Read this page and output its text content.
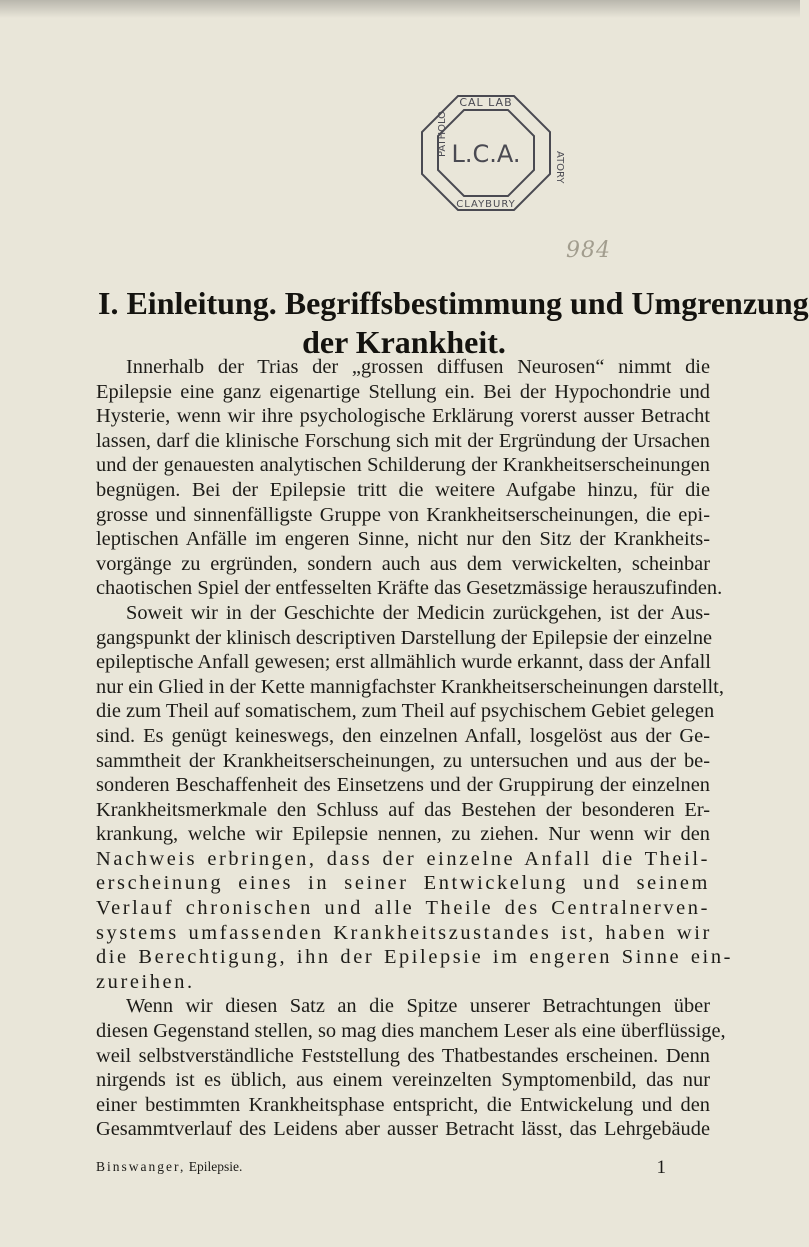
L.C.A.
CAL LAB
CLAYBURY
PATHOLO
ATORY
984
I. Einleitung. Begriffsbestimmung und Umgrenzung
der Krankheit.
Innerhalb der Trias der „grossen diffusen Neurosen“ nimmt die
Epilepsie eine ganz eigenartige Stellung ein. Bei der Hypochondrie und
Hysterie, wenn wir ihre psychologische Erklärung vorerst ausser Betracht
lassen, darf die klinische Forschung sich mit der Ergründung der Ursachen
und der genauesten analytischen Schilderung der Krankheitserscheinungen
begnügen. Bei der Epilepsie tritt die weitere Aufgabe hinzu, für die
grosse und sinnenfälligste Gruppe von Krankheitserscheinungen, die epi-
leptischen Anfälle im engeren Sinne, nicht nur den Sitz der Krankheits-
vorgänge zu ergründen, sondern auch aus dem verwickelten, scheinbar
chaotischen Spiel der entfesselten Kräfte das Gesetzmässige herauszufinden.
Soweit wir in der Geschichte der Medicin zurückgehen, ist der Aus-
gangspunkt der klinisch descriptiven Darstellung der Epilepsie der einzelne
epileptische Anfall gewesen; erst allmählich wurde erkannt, dass der Anfall
nur ein Glied in der Kette mannigfachster Krankheitserscheinungen darstellt,
die zum Theil auf somatischem, zum Theil auf psychischem Gebiet gelegen
sind. Es genügt keineswegs, den einzelnen Anfall, losgelöst aus der Ge-
sammtheit der Krankheitserscheinungen, zu untersuchen und aus der be-
sonderen Beschaffenheit des Einsetzens und der Gruppirung der einzelnen
Krankheitsmerkmale den Schluss auf das Bestehen der besonderen Er-
krankung, welche wir Epilepsie nennen, zu ziehen. Nur wenn wir den
Nachweis erbringen, dass der einzelne Anfall die Theil-
erscheinung eines in seiner Entwickelung und seinem
Verlauf chronischen und alle Theile des Centralnerven-
systems umfassenden Krankheitszustandes ist, haben wir
die Berechtigung, ihn der Epilepsie im engeren Sinne ein-
zureihen.
Wenn wir diesen Satz an die Spitze unserer Betrachtungen über
diesen Gegenstand stellen, so mag dies manchem Leser als eine überflüssige,
weil selbstverständliche Feststellung des Thatbestandes erscheinen. Denn
nirgends ist es üblich, aus einem vereinzelten Symptomenbild, das nur
einer bestimmten Krankheitsphase entspricht, die Entwickelung und den
Gesammtverlauf des Leidens aber ausser Betracht lässt, das Lehrgebäude
Binswanger, Epilepsie.	1
